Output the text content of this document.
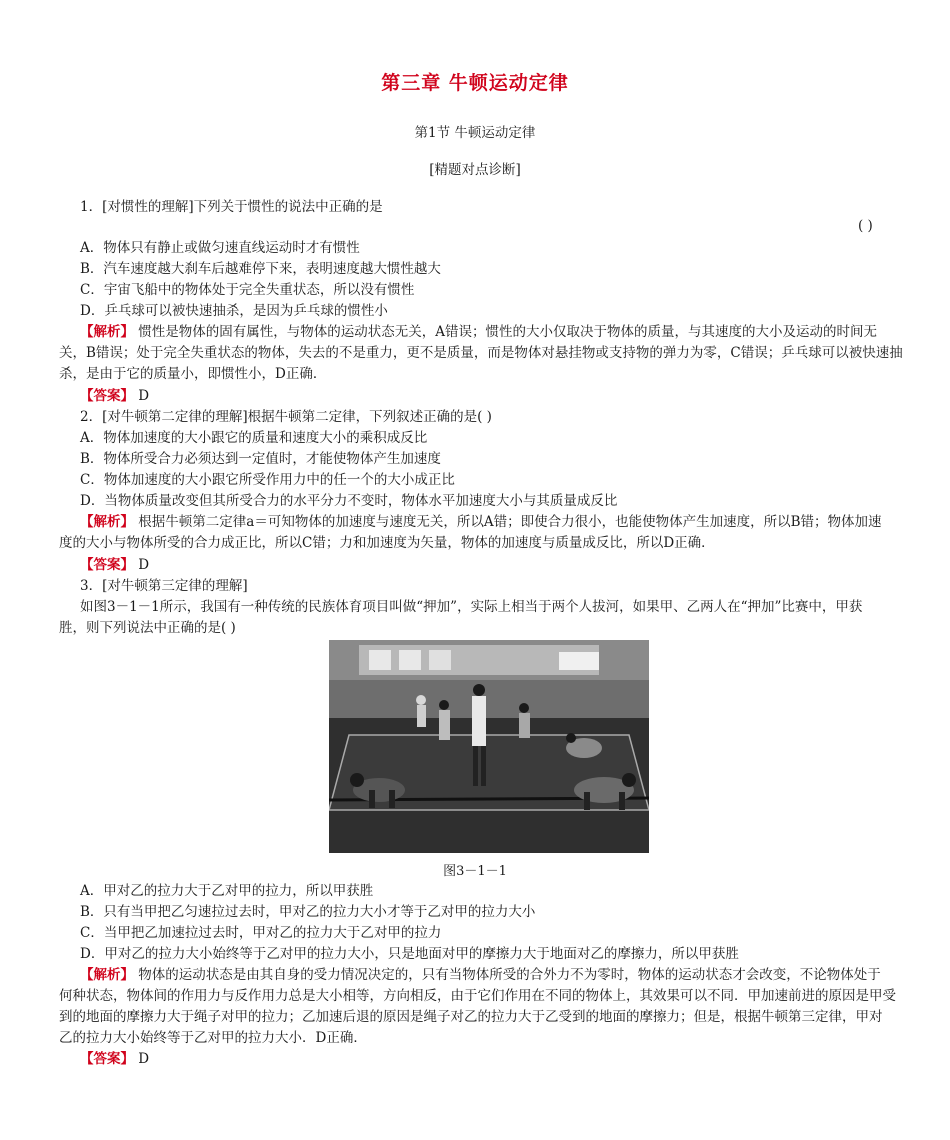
第三章 牛顿运动定律
第1节 牛顿运动定律
[精题对点诊断]
1．[对惯性的理解]下列关于惯性的说法中正确的是
( )
A．物体只有静止或做匀速直线运动时才有惯性
B．汽车速度越大刹车后越难停下来，表明速度越大惯性越大
C．宇宙飞船中的物体处于完全失重状态，所以没有惯性
D．乒乓球可以被快速抽杀，是因为乒乓球的惯性小
【解析】 惯性是物体的固有属性，与物体的运动状态无关，A错误；惯性的大小仅取决于物体的质量，与其速度的大小及运动的时间无
关，B错误；处于完全失重状态的物体，失去的不是重力，更不是质量，而是物体对悬挂物或支持物的弹力为零，C错误；乒乓球可以被快速抽
杀，是由于它的质量小，即惯性小，D正确．
【答案】 D
2．[对牛顿第二定律的理解]根据牛顿第二定律，下列叙述正确的是( )
A．物体加速度的大小跟它的质量和速度大小的乘积成反比
B．物体所受合力必须达到一定值时，才能使物体产生加速度
C．物体加速度的大小跟它所受作用力中的任一个的大小成正比
D．当物体质量改变但其所受合力的水平分力不变时，物体水平加速度大小与其质量成反比
【解析】 根据牛顿第二定律a＝可知物体的加速度与速度无关，所以A错；即使合力很小，也能使物体产生加速度，所以B错；物体加速
度的大小与物体所受的合力成正比，所以C错；力和加速度为矢量，物体的加速度与质量成反比，所以D正确．
【答案】 D
3．[对牛顿第三定律的理解]
如图3－1－1所示，我国有一种传统的民族体育项目叫做“押加”，实际上相当于两个人拔河，如果甲、乙两人在“押加”比赛中，甲获
胜，则下列说法中正确的是( )
图3－1－1
A．甲对乙的拉力大于乙对甲的拉力，所以甲获胜
B．只有当甲把乙匀速拉过去时，甲对乙的拉力大小才等于乙对甲的拉力大小
C．当甲把乙加速拉过去时，甲对乙的拉力大于乙对甲的拉力
D．甲对乙的拉力大小始终等于乙对甲的拉力大小，只是地面对甲的摩擦力大于地面对乙的摩擦力，所以甲获胜
【解析】 物体的运动状态是由其自身的受力情况决定的，只有当物体所受的合外力不为零时，物体的运动状态才会改变，不论物体处于
何种状态，物体间的作用力与反作用力总是大小相等，方向相反，由于它们作用在不同的物体上，其效果可以不同．甲加速前进的原因是甲受
到的地面的摩擦力大于绳子对甲的拉力；乙加速后退的原因是绳子对乙的拉力大于乙受到的地面的摩擦力；但是，根据牛顿第三定律，甲对
乙的拉力大小始终等于乙对甲的拉力大小．D正确．
【答案】 D
